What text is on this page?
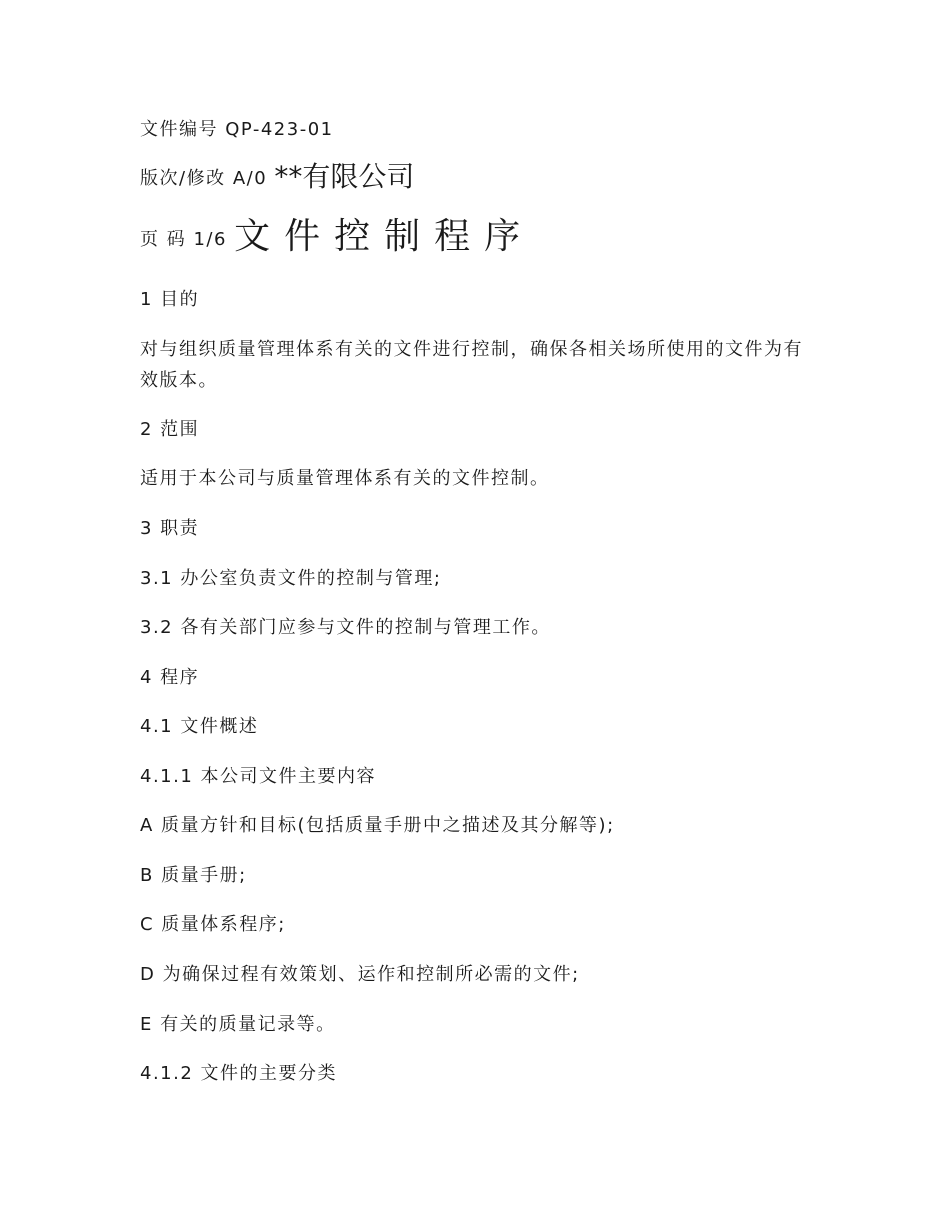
文件编号 QP-423-01
版次/修改 A/0 **有限公司
页 码 1/6 文件控制程序
1 目的
对与组织质量管理体系有关的文件进行控制，确保各相关场所使用的文件为有效版本。
2 范围
适用于本公司与质量管理体系有关的文件控制。
3 职责
3.1 办公室负责文件的控制与管理;
3.2 各有关部门应参与文件的控制与管理工作。
4 程序
4.1 文件概述
4.1.1 本公司文件主要内容
A 质量方针和目标(包括质量手册中之描述及其分解等);
B 质量手册;
C 质量体系程序;
D 为确保过程有效策划、运作和控制所必需的文件;
E 有关的质量记录等。
4.1.2 文件的主要分类
